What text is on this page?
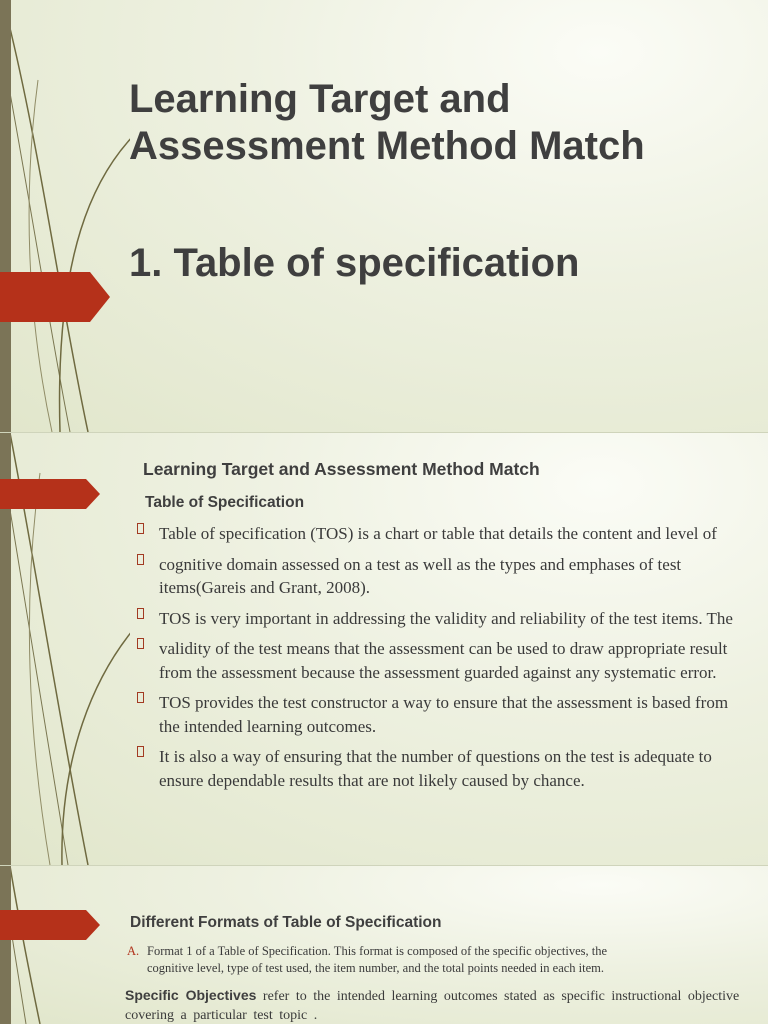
Learning Target and Assessment Method Match
1. Table of specification
Learning Target and Assessment Method Match
Table of Specification
Table of specification (TOS) is a chart or table that details the content and level of
cognitive domain assessed on a test as well as the types and emphases of test items(Gareis and Grant, 2008).
TOS is very important in addressing the validity and reliability of the test items. The
validity of the test means that the assessment can be used to draw appropriate result from the assessment because the assessment guarded against any systematic error.
TOS provides the test constructor a way to ensure that the assessment is based from the intended learning outcomes.
It is also a way of ensuring that the number of questions on the test is adequate to ensure dependable results that are not likely caused by chance.
Different Formats of Table of Specification
A. Format 1 of a Table of Specification. This format is composed of the specific objectives, the
cognitive level, type of test used, the item number, and the total points needed in each item.
Specific Objectives refer to the intended learning outcomes stated as specific instructional objective covering a particular test topic .
